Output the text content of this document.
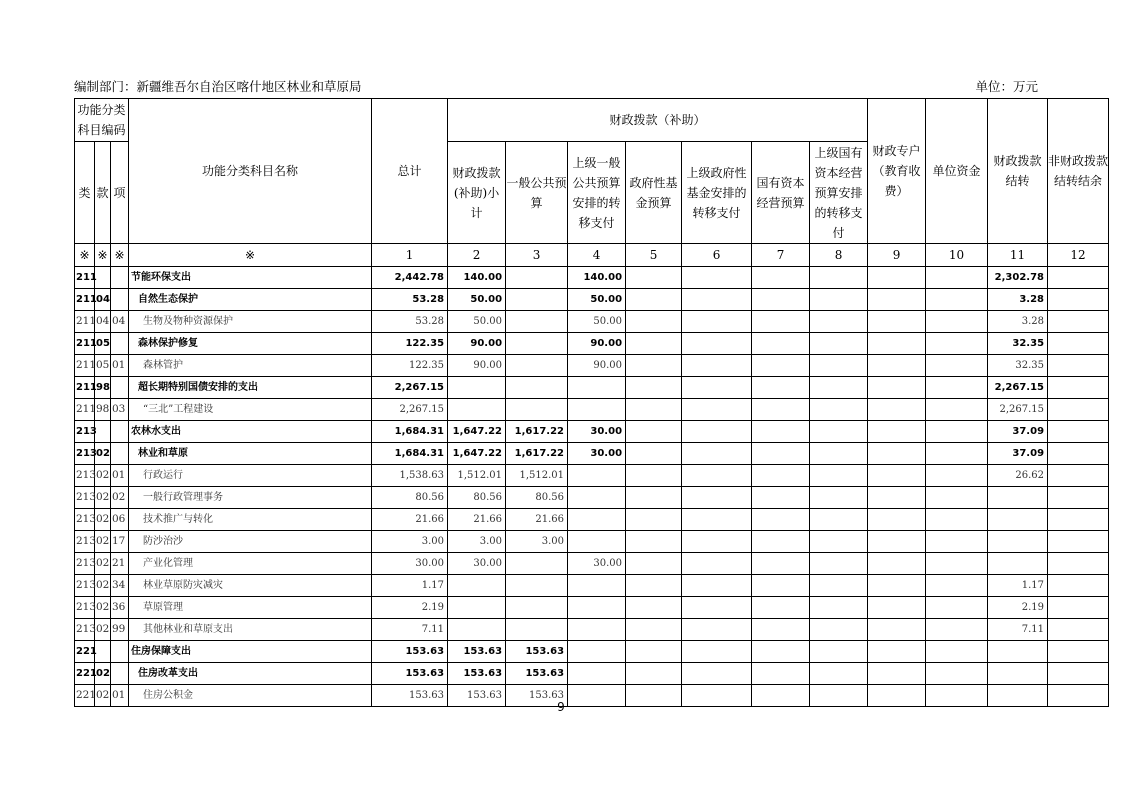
编制部门：新疆维吾尔自治区喀什地区林业和草原局	单位：万元
功能分类科目编码			功能分类科目名称	总计	财政拨款（补助）							财政专户（教育收费）	单位资金	财政拨款结转	非财政拨款结转结余
类	款	项			财政拨款(补助)小计	一般公共预算	上级一般公共预算安排的转移支付	政府性基金预算	上级政府性基金安排的转移支付	国有资本经营预算	上级国有资本经营预算安排的转移支付				
※	※	※	※	1	2	3	4	5	6	7	8	9	10	11	12
211			节能环保支出	2,442.78	140.00		140.00							2,302.78	
211	04		自然生态保护	53.28	50.00		50.00							3.28	
211	04	04	生物及物种资源保护	53.28	50.00		50.00							3.28	
211	05		森林保护修复	122.35	90.00		90.00							32.35	
211	05	01	森林管护	122.35	90.00		90.00							32.35	
211	98		超长期特别国债安排的支出	2,267.15										2,267.15	
211	98	03	“三北”工程建设	2,267.15										2,267.15	
213			农林水支出	1,684.31	1,647.22	1,617.22	30.00							37.09	
213	02		林业和草原	1,684.31	1,647.22	1,617.22	30.00							37.09	
213	02	01	行政运行	1,538.63	1,512.01	1,512.01								26.62	
213	02	02	一般行政管理事务	80.56	80.56	80.56									
213	02	06	技术推广与转化	21.66	21.66	21.66									
213	02	17	防沙治沙	3.00	3.00	3.00									
213	02	21	产业化管理	30.00	30.00		30.00								
213	02	34	林业草原防灾减灾	1.17										1.17	
213	02	36	草原管理	2.19										2.19	
213	02	99	其他林业和草原支出	7.11										7.11	
221			住房保障支出	153.63	153.63	153.63									
221	02		住房改革支出	153.63	153.63	153.63									
221	02	01	住房公积金	153.63	153.63	153.63									
9
